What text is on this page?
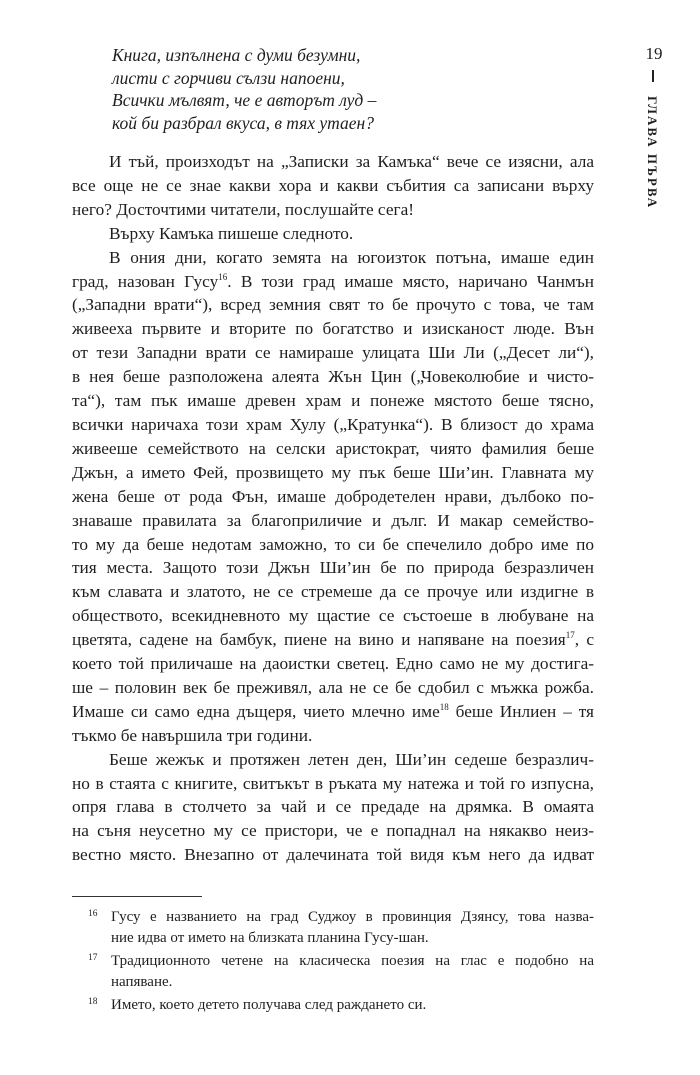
19
ГЛАВА ПЪРВА
Книга, изпълнена с думи безумни,
листи с горчиви сълзи напоени,
Всички мълвят, че е авторът луд –
кой би разбрал вкуса, в тях утаен?

И тъй, произходът на „Записки за Камъка“ вече се изясни, ала
все още не се знае какви хора и какви събития са записани върху
него? Досточтими читатели, послушайте сега!

Върху Камъка пишеше следното.

В ония дни, когато земята на югоизток потъна, имаше един
град, назован Гусу$^{16}$. В този град имаше място, наричано Чанмън
(„Западни врати“), всред земния свят то бе прочуто с това, че там
живееха първите и вторите по богатство и изисканост люде. Вън
от тези Западни врати се намираше улицата Ши Ли („Десет ли“),
в нея беше разположена алеята Жън Цин („Човеколюбие и чисто-
та“), там пък имаше древен храм и понеже мястото беше тясно,
всички наричаха този храм Хулу („Кратунка“). В близост до храма
живееше семейството на селски аристократ, чиято фамилия беше
Джън, а името Фей, прозвището му пък беше Ши’ин. Главната му
жена беше от рода Фън, имаше добродетелен нрави, дълбоко по-
знаваше правилата за благоприличие и дълг. И макар семейство-
то му да беше недотам заможно, то си бе спечелило добро име по
тия места. Защото този Джън Ши’ин бе по природа безразличен
към славата и златото, не се стремеше да се прочуе или издигне в
обществото, всекидневното му щастие се състоеше в любуване на
цветята, садене на бамбук, пиене на вино и напяване на поезия$^{17}$, с
което той приличаше на даоистки светец. Едно само не му достига-
ше – половин век бе преживял, ала не се бе сдобил с мъжка рожба.
Имаше си само една дъщеря, чието млечно име$^{18}$ беше Инлиен – тя
тъкмо бе навършила три години.

Беше жежък и протяжен летен ден, Ши’ин седеше безразлич-
но в стаята с книгите, свитъкът в ръката му натежа и той го изпусна,
опря глава в столчето за чай и се предаде на дрямка. В омаята
на съня неусетно му се пристори, че е попаднал на някакво неиз-
вестно място. Внезапно от далечината той видя към него да идват

16 Гусу е названието на град Суджоу в провинция Дзянсу, това назва-
ние идва от името на близката планина Гусу-шан.
17 Традиционното четене на класическа поезия на глас е подобно на
напяване.
18 Името, което детето получава след раждането си.
